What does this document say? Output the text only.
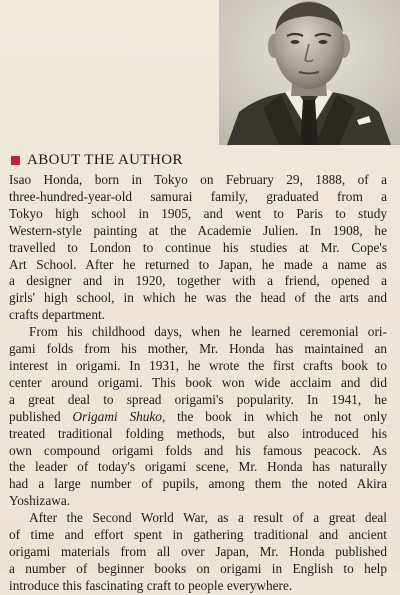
ABOUT THE AUTHOR

Isao Honda, born in Tokyo on February 29, 1888, of a
three-hundred-year-old samurai family, graduated from a
Tokyo high school in 1905, and went to Paris to study
Western-style painting at the Academie Julien. In 1908, he
travelled to London to continue his studies at Mr. Cope's
Art School. After he returned to Japan, he made a name as
a designer and in 1920, together with a friend, opened a
girls' high school, in which he was the head of the arts and
crafts department.

From his childhood days, when he learned ceremonial ori-
gami folds from his mother, Mr. Honda has maintained an
interest in origami. In 1931, he wrote the first crafts book to
center around origami. This book won wide acclaim and did
a great deal to spread origami's popularity. In 1941, he
published Origami Shuko, the book in which he not only
treated traditional folding methods, but also introduced his
own compound origami folds and his famous peacock. As
the leader of today's origami scene, Mr. Honda has naturally
had a large number of pupils, among them the noted Akira
Yoshizawa.

After the Second World War, as a result of a great deal
of time and effort spent in gathering traditional and ancient
origami materials from all over Japan, Mr. Honda published
a number of beginner books on origami in English to help
introduce this fascinating craft to people everywhere.
